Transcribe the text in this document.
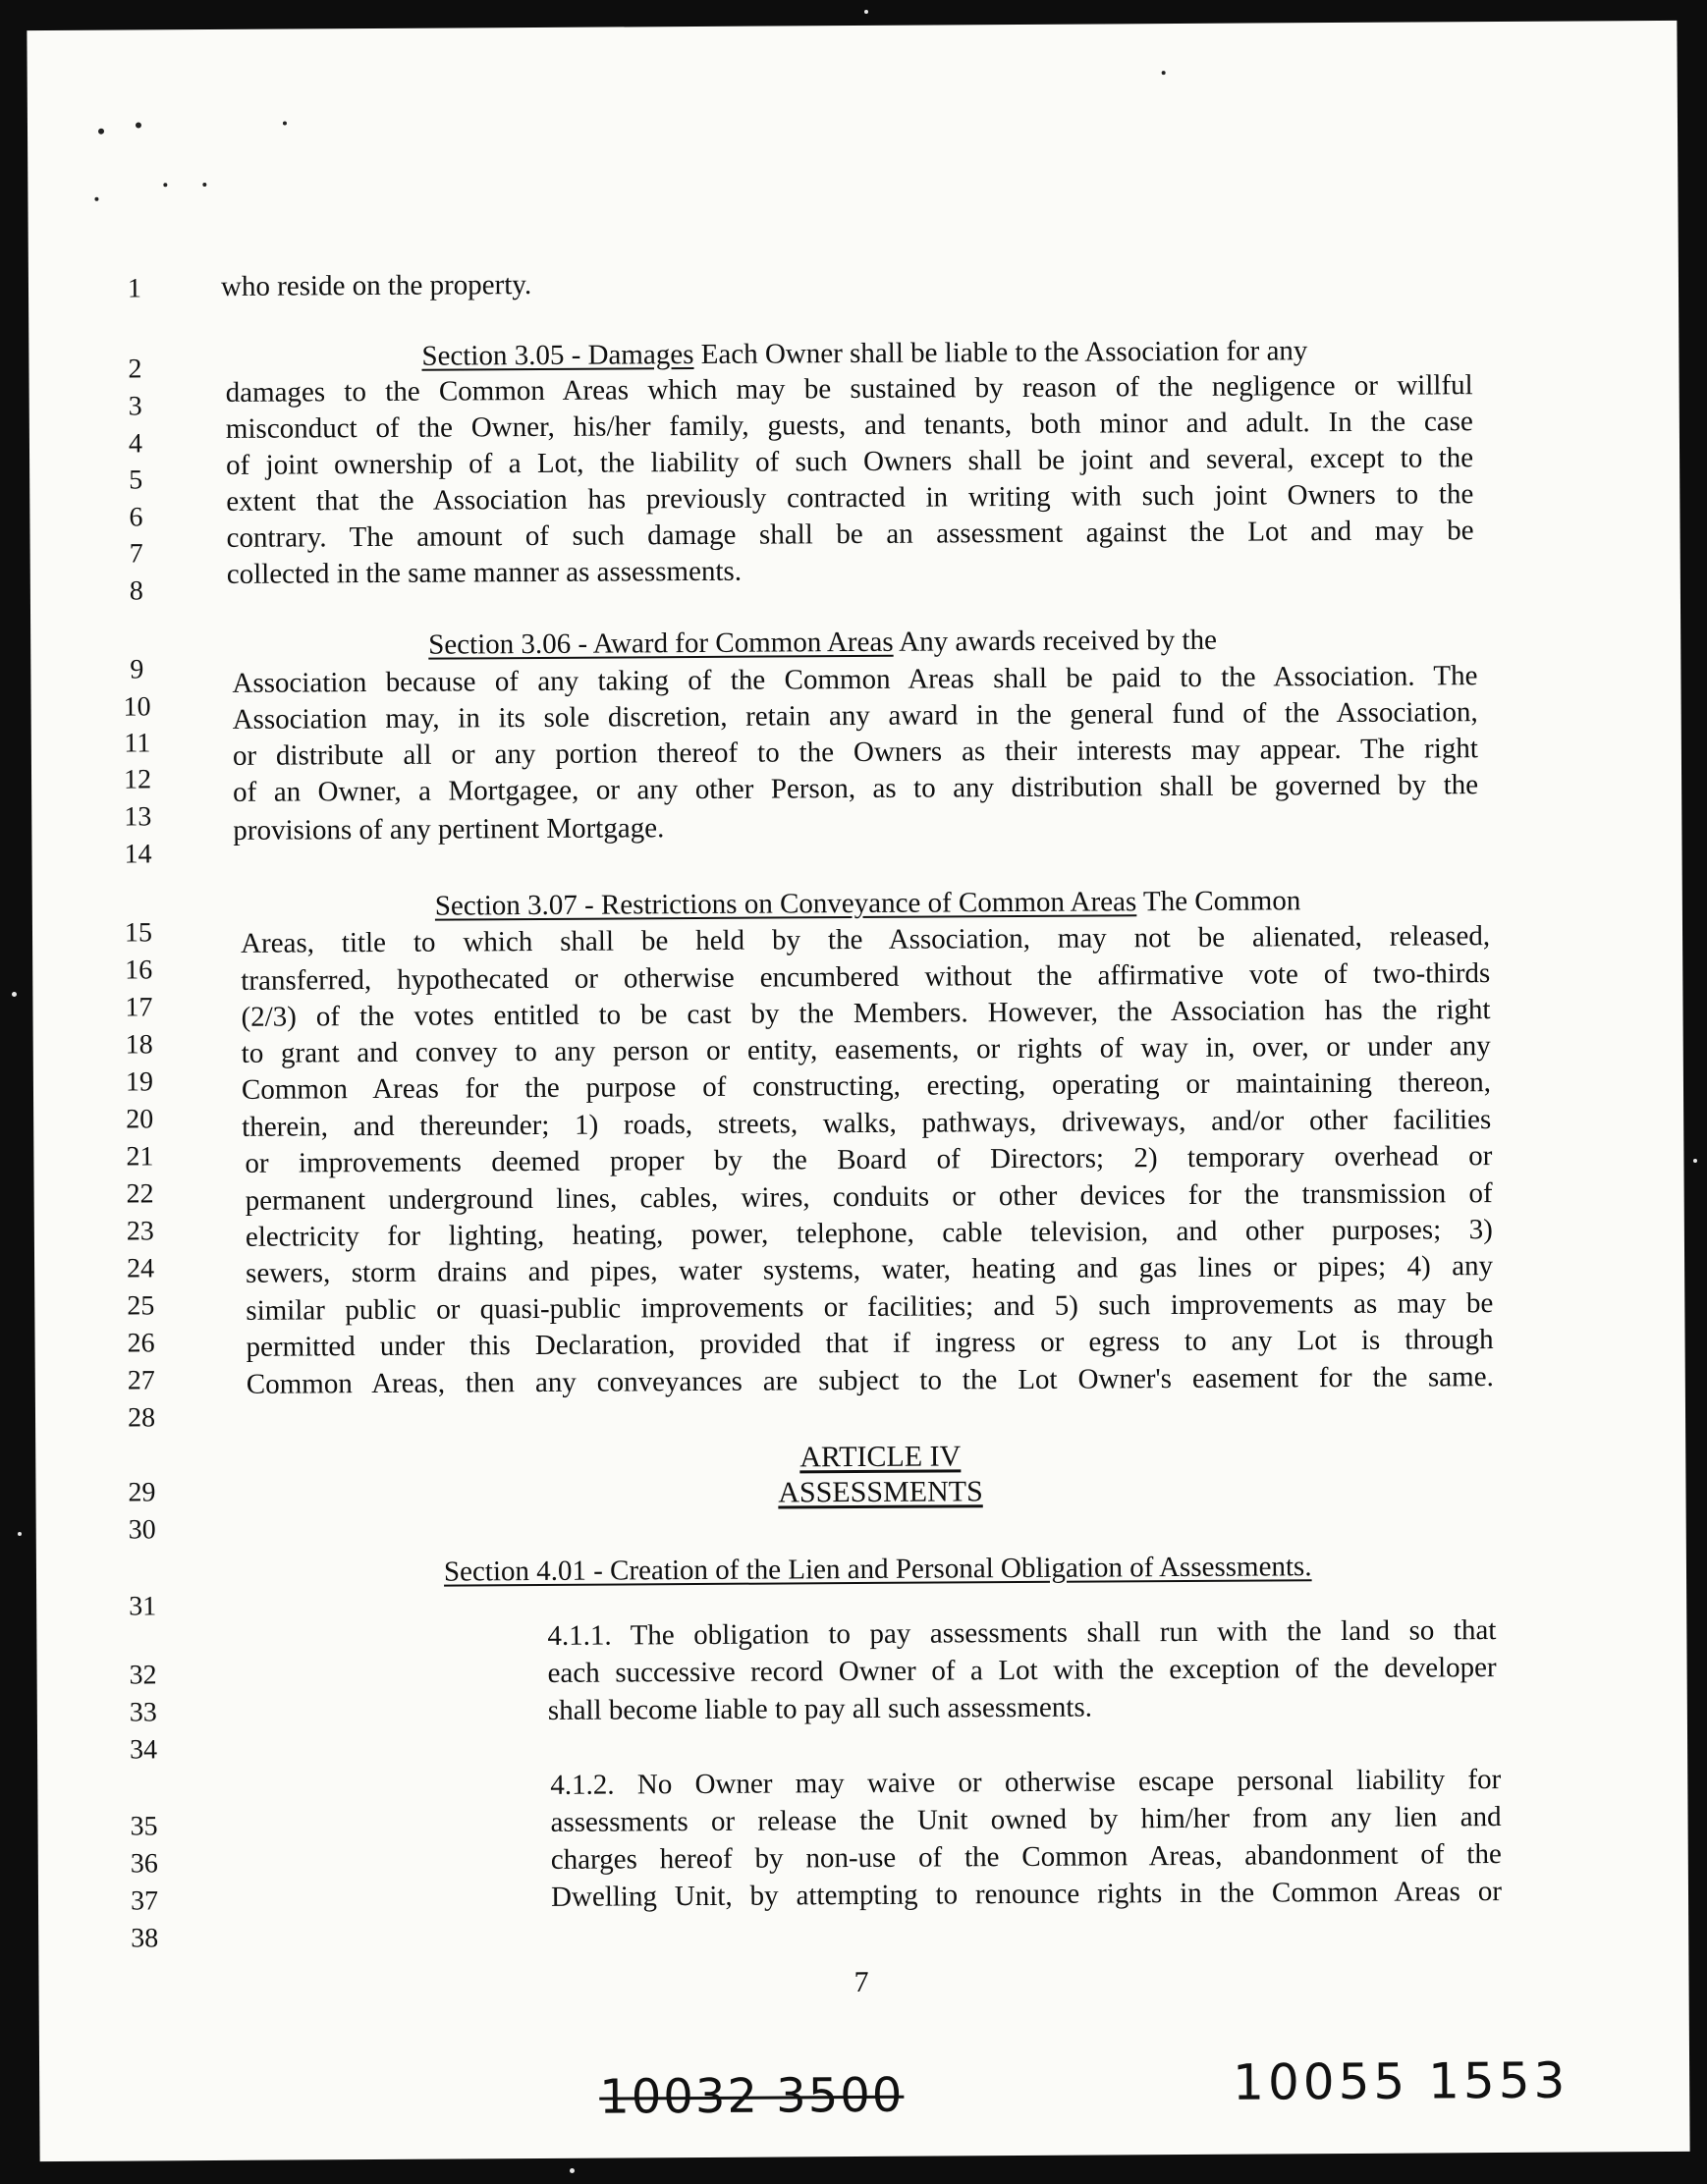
1	who reside on the property.
2	Section 3.05 - Damages Each Owner shall be liable to the Association for any
3	damages to the Common Areas which may be sustained by reason of the negligence or willful
4	misconduct of the Owner, his/her family, guests, and tenants, both minor and adult. In the case
5	of joint ownership of a Lot, the liability of such Owners shall be joint and several, except to the
6
extent that the Association has previously contracted in writing with such joint Owners to the
7
contrary. The amount of such damage shall be an assessment against the Lot and may be
8
collected in the same manner as assessments.
9
Section 3.06 - Award for Common Areas Any awards received by the
10
Association because of any taking of the Common Areas shall be paid to the Association. The
11
Association may, in its sole discretion, retain any award in the general fund of the Association,
12
or distribute all or any portion thereof to the Owners as their interests may appear. The right
13
of an Owner, a Mortgagee, or any other Person, as to any distribution shall be governed by the
14
provisions of any pertinent Mortgage.
15
Section 3.07 - Restrictions on Conveyance of Common Areas The Common
16
Areas, title to which shall be held by the Association, may not be alienated, released,
17
transferred, hypothecated or otherwise encumbered without the affirmative vote of two-thirds
18
(2/3) of the votes entitled to be cast by the Members. However, the Association has the right
19
to grant and convey to any person or entity, easements, or rights of way in, over, or under any
20
Common Areas for the purpose of constructing, erecting, operating or maintaining thereon,
21
therein, and thereunder; 1) roads, streets, walks, pathways, driveways, and/or other facilities
22
or improvements deemed proper by the Board of Directors; 2) temporary overhead or
23
permanent underground lines, cables, wires, conduits or other devices for the transmission of
24
electricity for lighting, heating, power, telephone, cable television, and other purposes; 3)
25
sewers, storm drains and pipes, water systems, water, heating and gas lines or pipes; 4) any
26
similar public or quasi-public improvements or facilities; and 5) such improvements as may be
27
permitted under this Declaration, provided that if ingress or egress to any Lot is through
28
Common Areas, then any conveyances are subject to the Lot Owner's easement for the same.
29
30
ARTICLE IV
ASSESSMENTS
31
Section 4.01 - Creation of the Lien and Personal Obligation of Assessments.
32
4.1.1. The obligation to pay assessments shall run with the land so that
33
each successive record Owner of a Lot with the exception of the developer
34
shall become liable to pay all such assessments.
35
4.1.2. No Owner may waive or otherwise escape personal liability for
36
assessments or release the Unit owned by him/her from any lien and
37
charges hereof by non-use of the Common Areas, abandonment of the
38
Dwelling Unit, by attempting to renounce rights in the Common Areas or
7
10032 3500	10055 1553
